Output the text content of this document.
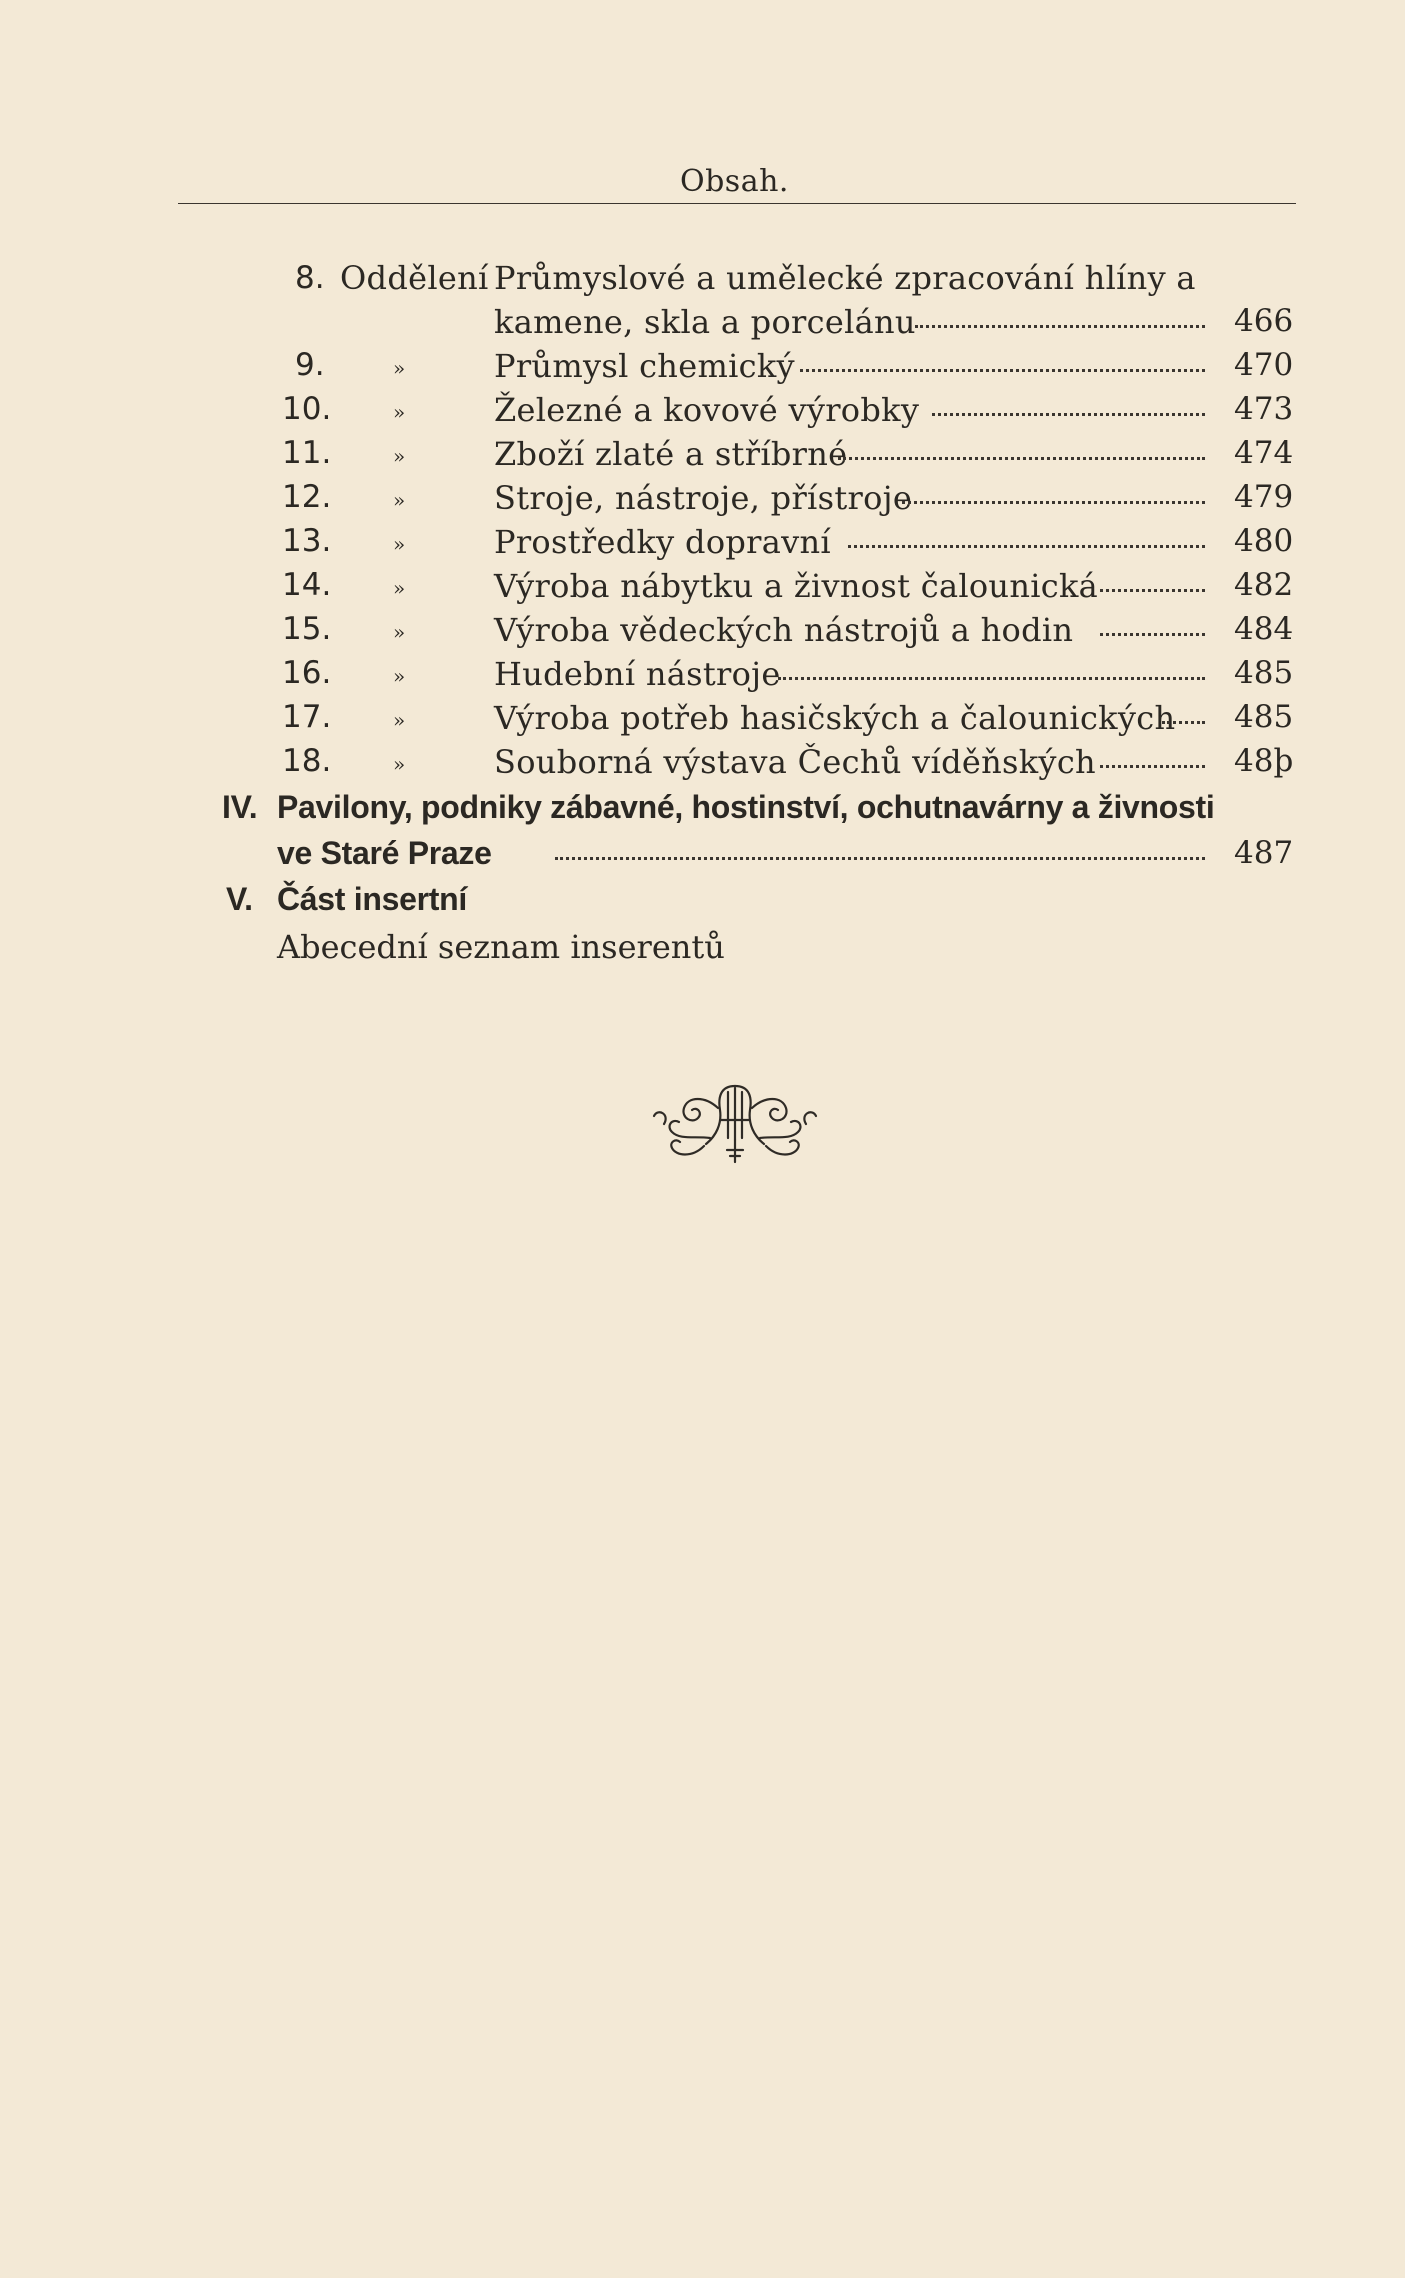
Obsah.
8. Oddělení Průmyslové a umělecké zpracování hlíny a
kamene, skla a porcelánu	466
9.	»	Průmysl chemický	470
10.	»	Železné a kovové výrobky	473
11.	»	Zboží zlaté a stříbrné	474
12.	»	Stroje, nástroje, přístroje	479
13.	»	Prostředky dopravní	480
14.	»	Výroba nábytku a živnost čalounická	482
15.	»	Výroba vědeckých nástrojů a hodin	484
16.	»	Hudební nástroje	485
17.	»	Výroba potřeb hasičských a čalounických 485
18.	»	Souborná výstava Čechů víděňských	48þ
IV. Pavilony, podniky zábavné, hostinství, ochutnavárny a živnosti
ve Staré Praze	487
V. Část insertní
Abecední seznam inserentů
